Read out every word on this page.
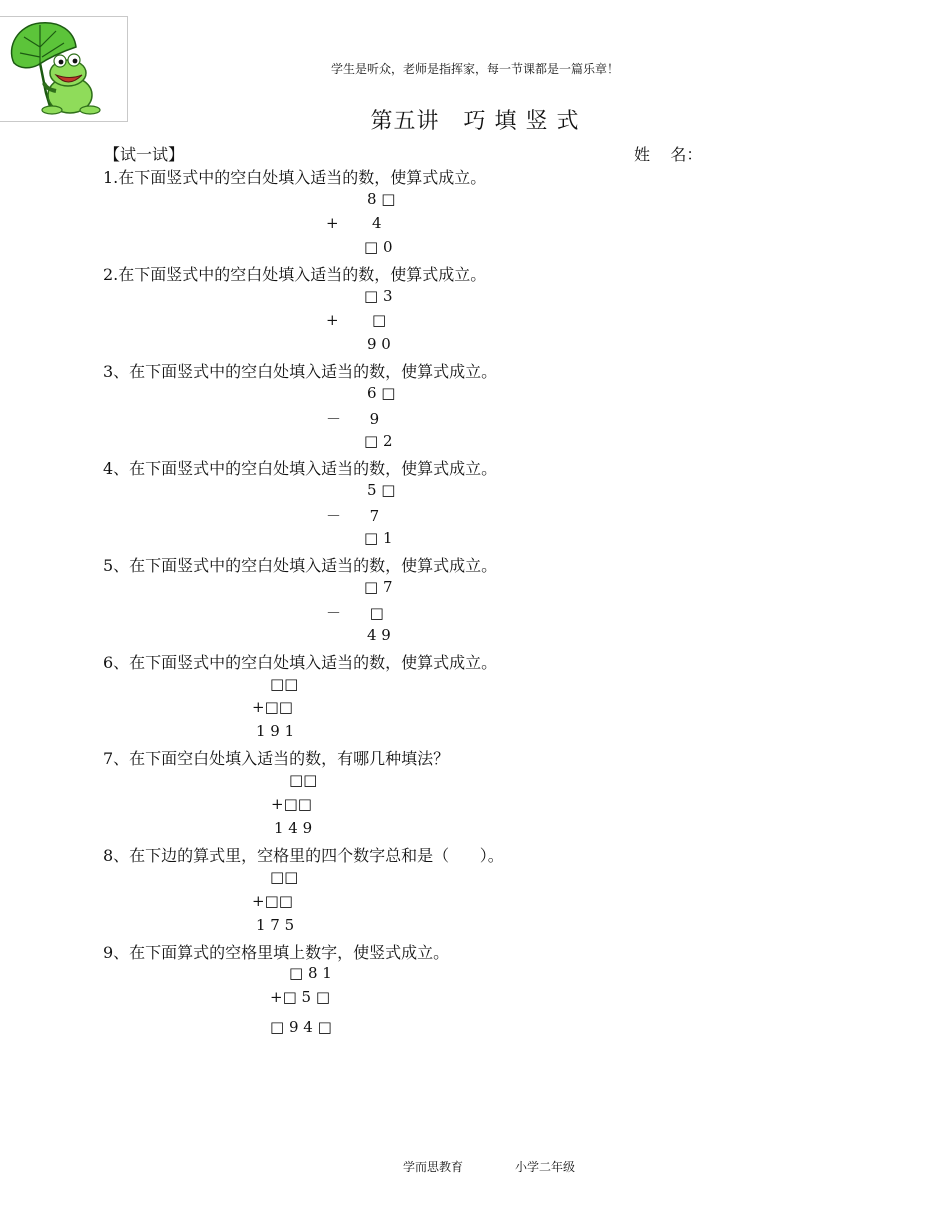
学生是听众，老师是指挥家，每一节课都是一篇乐章！
第五讲   巧 填 竖 式
【试一试】	姓    名：
1.在下面竖式中的空白处填入适当的数，使算式成立。
8 □
+       4
□ 0
2.在下面竖式中的空白处填入适当的数，使算式成立。
□ 3
+       □
9 0
3、在下面竖式中的空白处填入适当的数，使算式成立。
6 □
－      9
□ 2
4、在下面竖式中的空白处填入适当的数，使算式成立。
5 □
－      7
□ 1
5、在下面竖式中的空白处填入适当的数，使算式成立。
□ 7
－      □
4 9
6、在下面竖式中的空白处填入适当的数，使算式成立。
□□
+□□
1 9 1
7、在下面空白处填入适当的数，有哪几种填法？
□□
+□□
1 4 9
8、在下边的算式里，空格里的四个数字总和是（      ）。
□□
+□□
1 7 5
9、在下面算式的空格里填上数字，使竖式成立。
□ 8 1
+□ 5 □
□ 9 4 □
学而思教育	小学二年级
